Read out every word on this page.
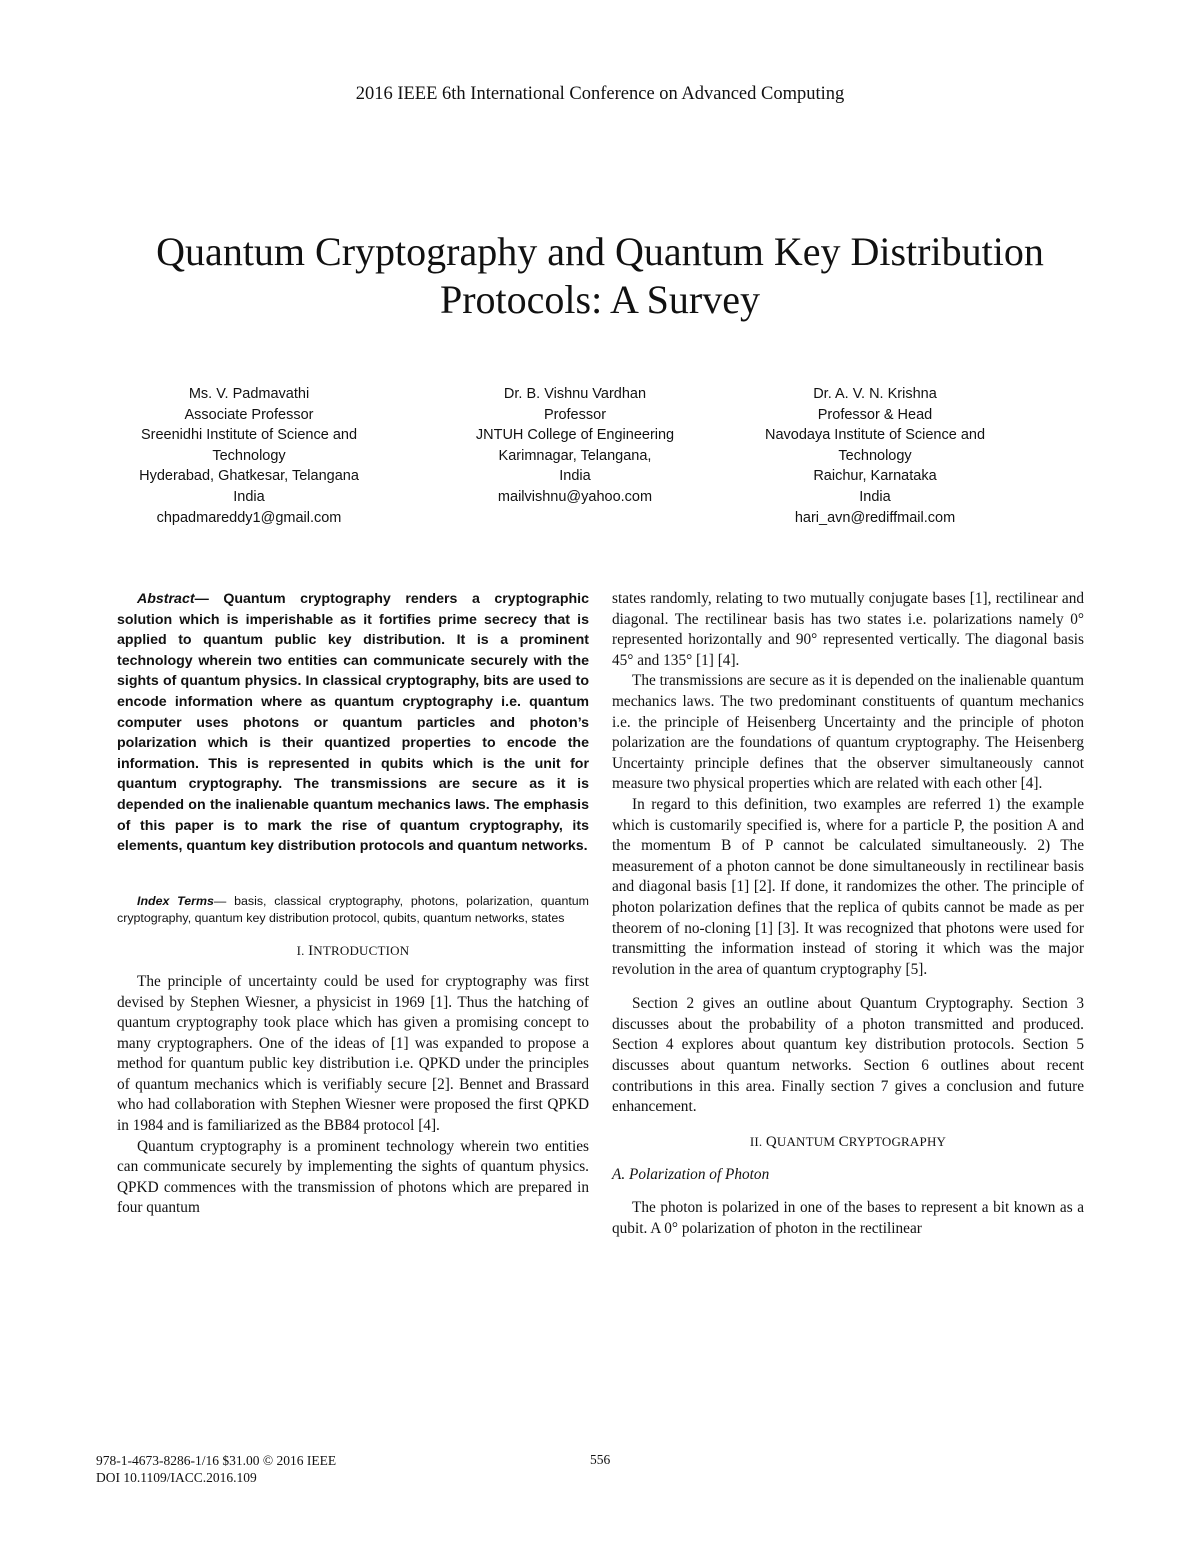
2016 IEEE 6th International Conference on Advanced Computing
Quantum Cryptography and Quantum Key Distribution
Protocols: A Survey
Ms. V. Padmavathi
Associate Professor
Sreenidhi Institute of Science and
Technology
Hyderabad, Ghatkesar, Telangana
India
chpadmareddy1@gmail.com
Dr. B. Vishnu Vardhan
Professor
JNTUH College of Engineering
Karimnagar, Telangana,
India
mailvishnu@yahoo.com
Dr. A. V. N. Krishna
Professor & Head
Navodaya Institute of Science and
Technology
Raichur, Karnataka
India
hari_avn@rediffmail.com

Abstract— Quantum cryptography renders a cryptographic solution which is imperishable as it fortifies prime secrecy that is applied to quantum public key distribution. It is a prominent technology wherein two entities can communicate securely with the sights of quantum physics. In classical cryptography, bits are used to encode information where as quantum cryptography i.e. quantum computer uses photons or quantum particles and photon’s polarization which is their quantized properties to encode the information. This is represented in qubits which is the unit for quantum cryptography. The transmissions are secure as it is depended on the inalienable quantum mechanics laws. The emphasis of this paper is to mark the rise of quantum cryptography, its elements, quantum key distribution protocols and quantum networks.

Index Terms— basis, classical cryptography, photons, polarization, quantum cryptography, quantum key distribution protocol, qubits, quantum networks, states

I. INTRODUCTION

The principle of uncertainty could be used for cryptography was first devised by Stephen Wiesner, a physicist in 1969 [1]. Thus the hatching of quantum cryptography took place which has given a promising concept to many cryptographers. One of the ideas of [1] was expanded to propose a method for quantum public key distribution i.e. QPKD under the principles of quantum mechanics which is verifiably secure [2]. Bennet and Brassard who had collaboration with Stephen Wiesner were proposed the first QPKD in 1984 and is familiarized as the BB84 protocol [4].

Quantum cryptography is a prominent technology wherein two entities can communicate securely by implementing the sights of quantum physics. QPKD commences with the transmission of photons which are prepared in four quantum

states randomly, relating to two mutually conjugate bases [1], rectilinear and diagonal. The rectilinear basis has two states i.e. polarizations namely 0° represented horizontally and 90° represented vertically. The diagonal basis 45° and 135° [1] [4].

The transmissions are secure as it is depended on the inalienable quantum mechanics laws. The two predominant constituents of quantum mechanics i.e. the principle of Heisenberg Uncertainty and the principle of photon polarization are the foundations of quantum cryptography. The Heisenberg Uncertainty principle defines that the observer simultaneously cannot measure two physical properties which are related with each other [4].

In regard to this definition, two examples are referred 1) the example which is customarily specified is, where for a particle P, the position A and the momentum B of P cannot be calculated simultaneously. 2) The measurement of a photon cannot be done simultaneously in rectilinear basis and diagonal basis [1] [2]. If done, it randomizes the other. The principle of photon polarization defines that the replica of qubits cannot be made as per theorem of no-cloning [1] [3]. It was recognized that photons were used for transmitting the information instead of storing it which was the major revolution in the area of quantum cryptography [5].

Section 2 gives an outline about Quantum Cryptography. Section 3 discusses about the probability of a photon transmitted and produced. Section 4 explores about quantum key distribution protocols. Section 5 discusses about quantum networks. Section 6 outlines about recent contributions in this area. Finally section 7 gives a conclusion and future enhancement.

II. QUANTUM CRYPTOGRAPHY

A. Polarization of Photon

The photon is polarized in one of the bases to represent a bit known as a qubit. A 0° polarization of photon in the rectilinear

978-1-4673-8286-1/16 $31.00 © 2016 IEEE
DOI 10.1109/IACC.2016.109
556
